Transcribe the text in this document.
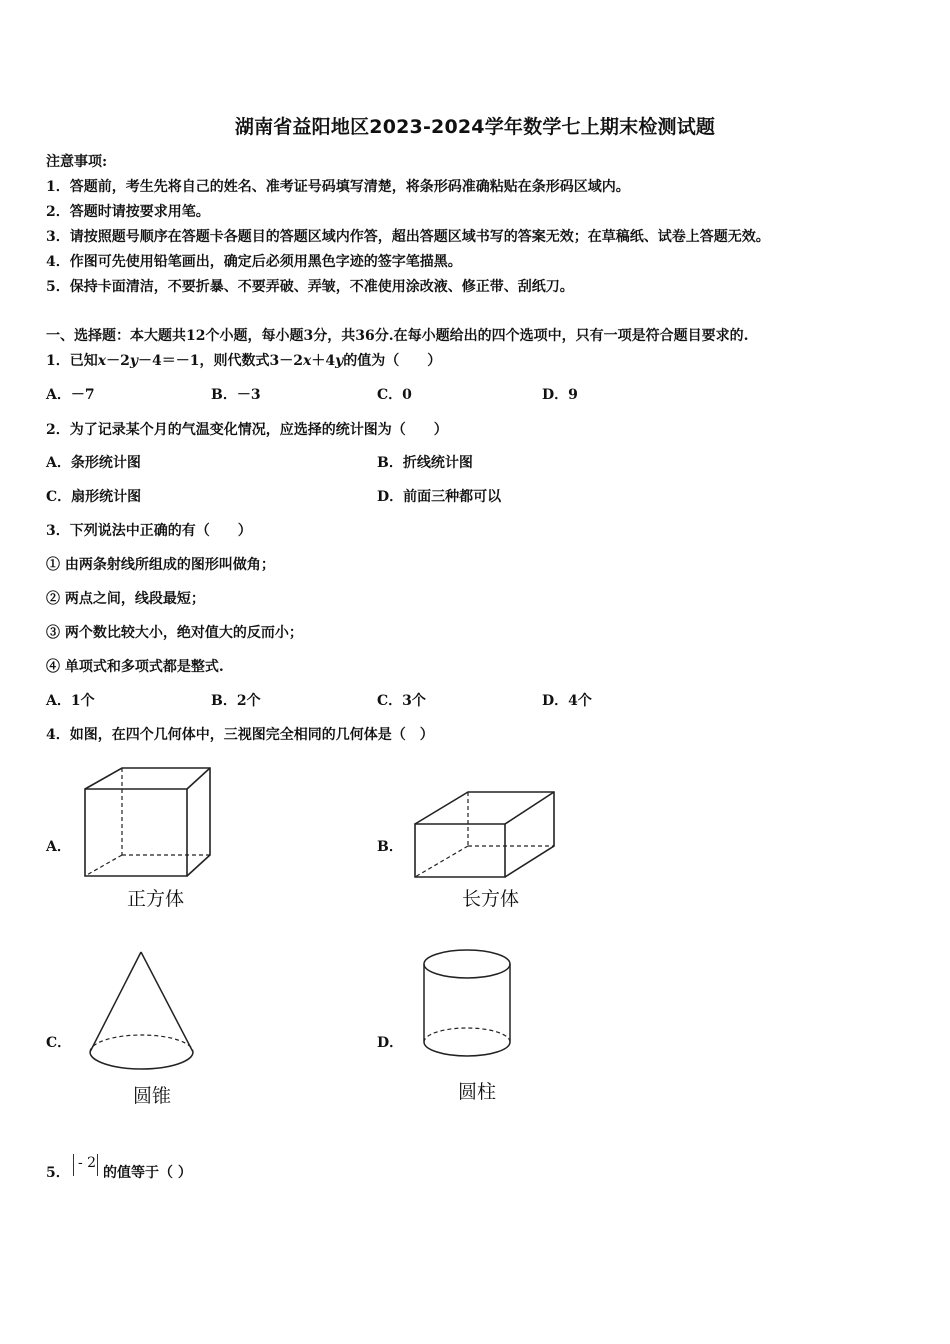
湖南省益阳地区2023-2024学年数学七上期末检测试题
注意事项:
1．答题前，考生先将自己的姓名、准考证号码填写清楚，将条形码准确粘贴在条形码区域内。
2．答题时请按要求用笔。
3．请按照题号顺序在答题卡各题目的答题区域内作答，超出答题区域书写的答案无效；在草稿纸、试卷上答题无效。
4．作图可先使用铅笔画出，确定后必须用黑色字迹的签字笔描黑。
5．保持卡面清洁，不要折暴、不要弄破、弄皱，不准使用涂改液、修正带、刮纸刀。
一、选择题：本大题共12个小题，每小题3分，共36分.在每小题给出的四个选项中，只有一项是符合题目要求的.
1．已知x－2y－4＝－1，则代数式3－2x＋4y的值为（　　）
A．－7	B．－3	C．0	D．9
2．为了记录某个月的气温变化情况，应选择的统计图为（　　）
A．条形统计图	B．折线统计图
C．扇形统计图	D．前面三种都可以
3．下列说法中正确的有（　　）
① 由两条射线所组成的图形叫做角；
② 两点之间，线段最短；
③ 两个数比较大小，绝对值大的反而小；
④ 单项式和多项式都是整式.
A．1个	B．2个	C．3个	D．4个
4．如图，在四个几何体中，三视图完全相同的几何体是（　）
A．
正方体
B．
长方体
C．
圆锥
D．
圆柱
5．
- 2
的值等于（ ）
